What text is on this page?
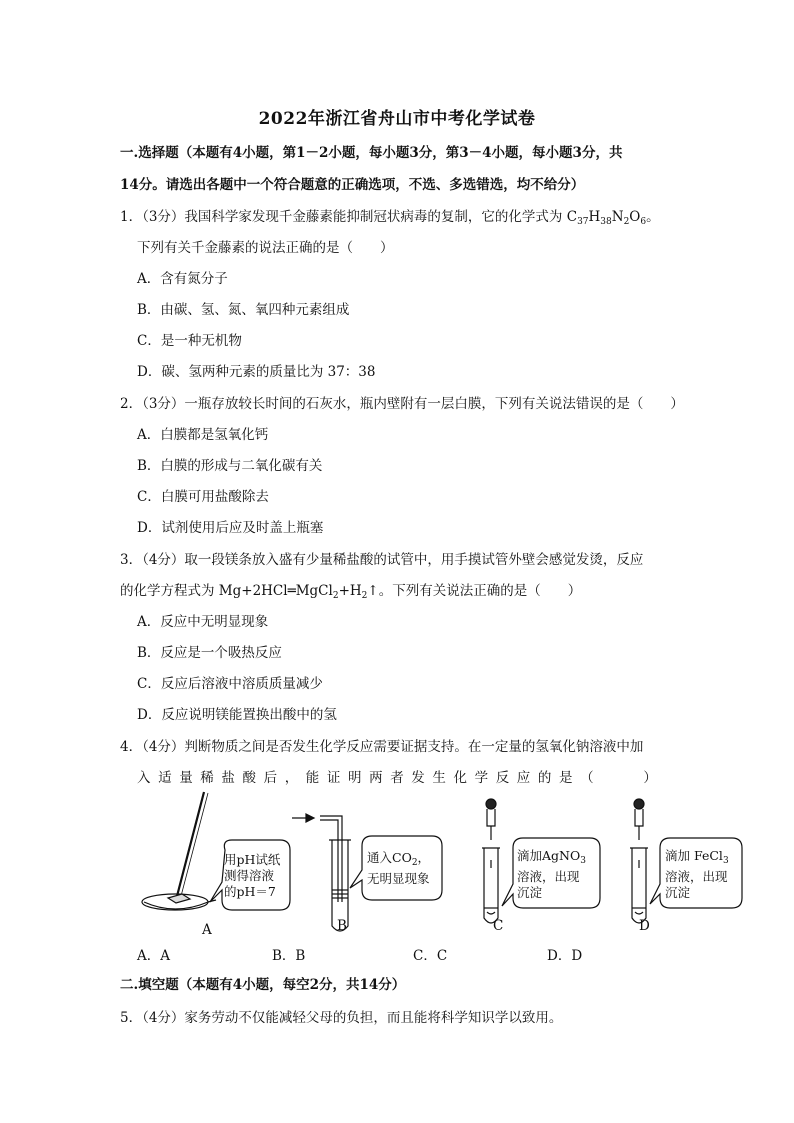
2022年浙江省舟山市中考化学试卷
一.选择题（本题有4小题，第1－2小题，每小题3分，第3－4小题，每小题3分，共
14分。请选出各题中一个符合题意的正确选项，不选、多选错选，均不给分）
1．（3分）我国科学家发现千金藤素能抑制冠状病毒的复制，它的化学式为 $C_{37}H_{38}N_2O_6$。
下列有关千金藤素的说法正确的是（　　）
A．含有氮分子
B．由碳、氢、氮、氧四种元素组成
C．是一种无机物
D．碳、氢两种元素的质量比为 37：38
2．（3分）一瓶存放较长时间的石灰水，瓶内壁附有一层白膜，下列有关说法错误的是（　　）
A．白膜都是氢氧化钙
B．白膜的形成与二氧化碳有关
C．白膜可用盐酸除去
D．试剂使用后应及时盖上瓶塞
3．（4分）取一段镁条放入盛有少量稀盐酸的试管中，用手摸试管外壁会感觉发烫，反应
的化学方程式为 $Mg+2HCl═MgCl_2+H_2↑$。下列有关说法正确的是（　　）
A．反应中无明显现象
B．反应是一个吸热反应
C．反应后溶液中溶质质量减少
D．反应说明镁能置换出酸中的氢
4．（4分）判断物质之间是否发生化学反应需要证据支持。在一定量的氢氧化钠溶液中加
入适量稀盐酸后，能证明两者发生化学反应的是（　　）
用pH试纸
测得溶液
的pH＝7
通入$CO_2$，
无明显现象
滴加AgNO$_3$
溶液，出现
沉淀
滴加 FeCl$_3$
溶液，出现
沉淀
A	B	C	D
A．A	B．B	C．C	D．D
二.填空题（本题有4小题，每空2分，共14分）
5．（4分）家务劳动不仅能减轻父母的负担，而且能将科学知识学以致用。
